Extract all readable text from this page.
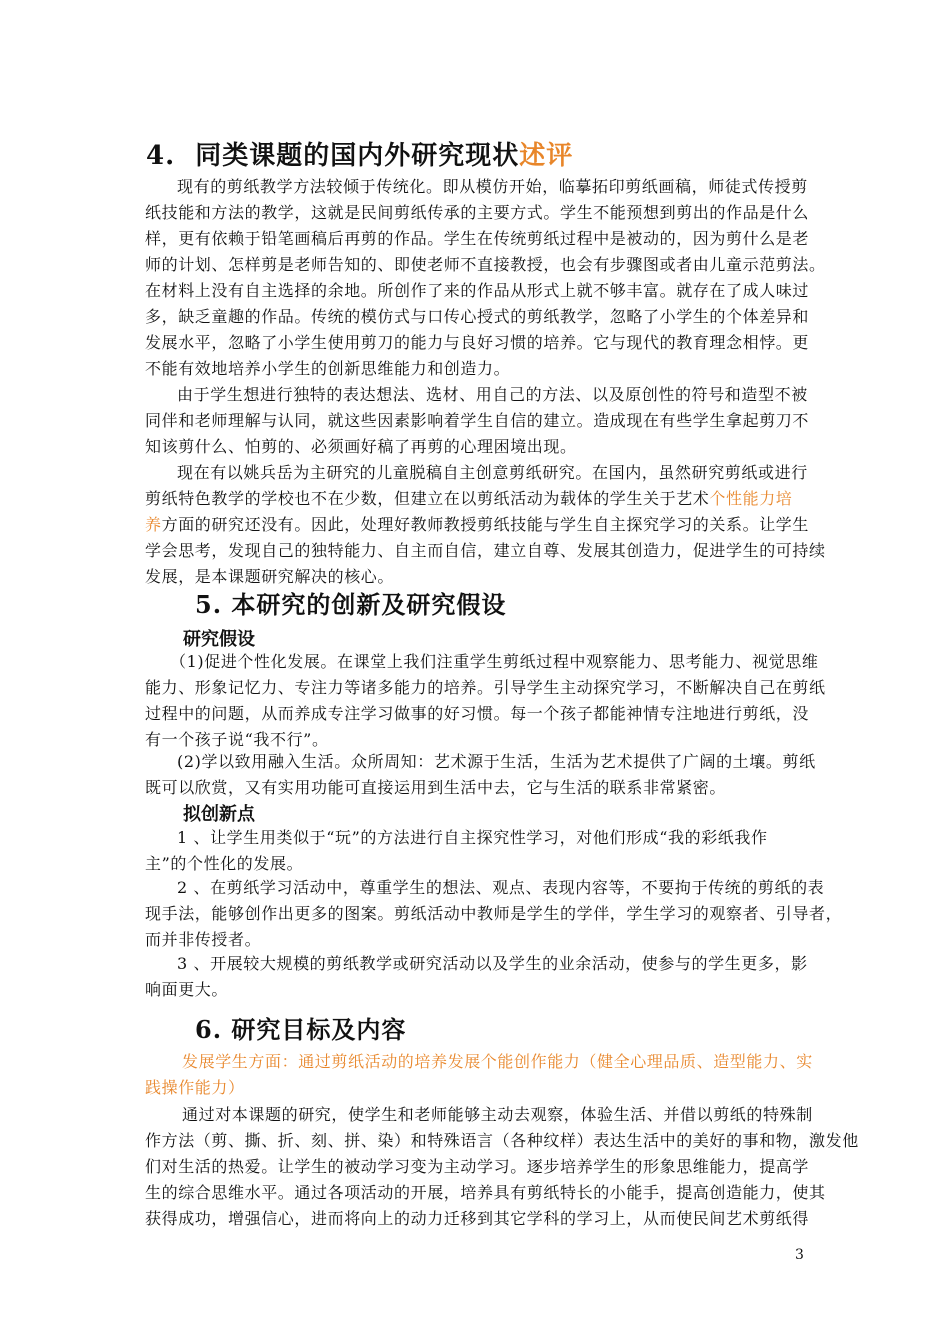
4. 同类课题的国内外研究现状述评
现有的剪纸教学方法较倾于传统化。即从模仿开始，临摹拓印剪纸画稿，师徒式传授剪
纸技能和方法的教学，这就是民间剪纸传承的主要方式。学生不能预想到剪出的作品是什么
样，更有依赖于铅笔画稿后再剪的作品。学生在传统剪纸过程中是被动的，因为剪什么是老
师的计划、怎样剪是老师告知的、即使老师不直接教授，也会有步骤图或者由儿童示范剪法。
在材料上没有自主选择的余地。所创作了来的作品从形式上就不够丰富。就存在了成人味过
多，缺乏童趣的作品。传统的模仿式与口传心授式的剪纸教学，忽略了小学生的个体差异和
发展水平，忽略了小学生使用剪刀的能力与良好习惯的培养。它与现代的教育理念相悖。更
不能有效地培养小学生的创新思维能力和创造力。
由于学生想进行独特的表达想法、选材、用自己的方法、以及原创性的符号和造型不被
同伴和老师理解与认同，就这些因素影响着学生自信的建立。造成现在有些学生拿起剪刀不
知该剪什么、怕剪的、必须画好稿了再剪的心理困境出现。
现在有以姚兵岳为主研究的儿童脱稿自主创意剪纸研究。在国内，虽然研究剪纸或进行
剪纸特色教学的学校也不在少数，但建立在以剪纸活动为载体的学生关于艺术个性能力培
养方面的研究还没有。因此，处理好教师教授剪纸技能与学生自主探究学习的关系。让学生
学会思考，发现自己的独特能力、自主而自信，建立自尊、发展其创造力，促进学生的可持续
发展，是本课题研究解决的核心。
5. 本研究的创新及研究假设
研究假设
（1)促进个性化发展。在课堂上我们注重学生剪纸过程中观察能力、思考能力、视觉思维
能力、形象记忆力、专注力等诸多能力的培养。引导学生主动探究学习，不断解决自己在剪纸
过程中的问题，从而养成专注学习做事的好习惯。每一个孩子都能神情专注地进行剪纸，没
有一个孩子说“我不行”。
(2)学以致用融入生活。众所周知：艺术源于生活，生活为艺术提供了广阔的土壤。剪纸
既可以欣赏，又有实用功能可直接运用到生活中去，它与生活的联系非常紧密。
拟创新点
1 、让学生用类似于“玩”的方法进行自主探究性学习，对他们形成“我的彩纸我作
主”的个性化的发展。
2 、在剪纸学习活动中，尊重学生的想法、观点、表现内容等，不要拘于传统的剪纸的表
现手法，能够创作出更多的图案。剪纸活动中教师是学生的学伴，学生学习的观察者、引导者，
而并非传授者。
3 、开展较大规模的剪纸教学或研究活动以及学生的业余活动，使参与的学生更多，影
响面更大。
6. 研究目标及内容
发展学生方面：通过剪纸活动的培养发展个能创作能力（健全心理品质、造型能力、实
践操作能力）
通过对本课题的研究，使学生和老师能够主动去观察，体验生活、并借以剪纸的特殊制
作方法（剪、撕、折、刻、拼、染）和特殊语言（各种纹样）表达生活中的美好的事和物，激发他
们对生活的热爱。让学生的被动学习变为主动学习。逐步培养学生的形象思维能力，提高学
生的综合思维水平。通过各项活动的开展，培养具有剪纸特长的小能手，提高创造能力，使其
获得成功，增强信心，进而将向上的动力迁移到其它学科的学习上，从而使民间艺术剪纸得
3
